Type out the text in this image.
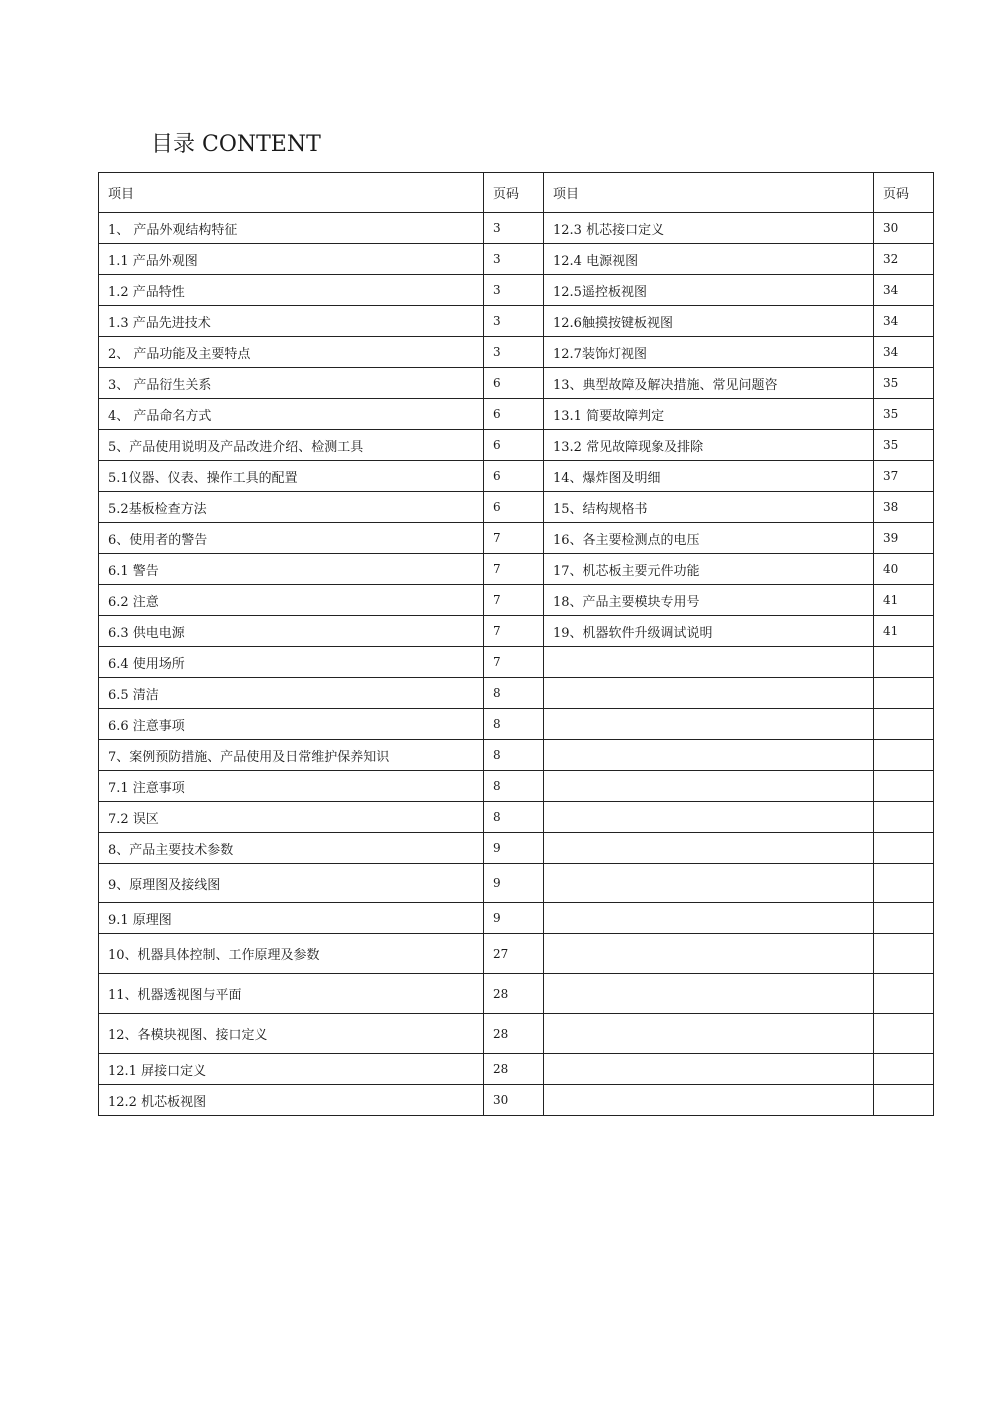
目录 CONTENT
项目	页码	项目	页码
1、 产品外观结构特征	3	12.3 机芯接口定义	30
1.1 产品外观图	3	12.4 电源视图	32
1.2 产品特性	3	12.5遥控板视图	34
1.3 产品先进技术	3	12.6触摸按键板视图	34
2、 产品功能及主要特点	3	12.7装饰灯视图	34
3、 产品衍生关系	6	13、典型故障及解决措施、常见问题咨	35
4、 产品命名方式	6	13.1 简要故障判定	35
5、产品使用说明及产品改进介绍、检测工具	6	13.2 常见故障现象及排除	35
5.1仪器、仪表、操作工具的配置	6	14、爆炸图及明细	37
5.2基板检查方法	6	15、结构规格书	38
6、使用者的警告	7	16、各主要检测点的电压	39
6.1 警告	7	17、机芯板主要元件功能	40
6.2 注意	7	18、产品主要模块专用号	41
6.3 供电电源	7	19、机器软件升级调试说明	41
6.4 使用场所	7		
6.5 清洁	8		
6.6 注意事项	8		
7、案例预防措施、产品使用及日常维护保养知识	8		
7.1 注意事项	8		
7.2 误区	8		
8、产品主要技术参数	9		
9、原理图及接线图	9		
9.1 原理图	9		
10、机器具体控制、工作原理及参数	27		
11、机器透视图与平面	28		
12、各模块视图、接口定义	28		
12.1 屏接口定义	28		
12.2 机芯板视图	30		
